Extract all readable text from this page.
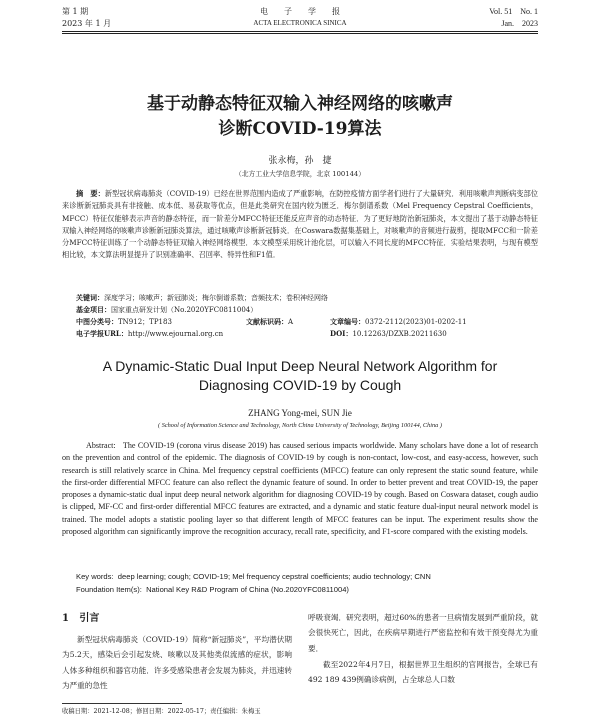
第 1 期
2023 年 1 月
电　　子　　学　　报
ACTA ELECTRONICA SINICA
Vol. 51　No. 1
Jan.　2023
基于动静态特征双输入神经网络的咳嗽声
诊断COVID-19算法
张永梅，孙　捷
（北方工业大学信息学院，北京 100144）
摘　要：新型冠状病毒肺炎（COVID-19）已经在世界范围内造成了严重影响，在防控疫情方面学者们进行了大量研究．利用咳嗽声判断病变部位来诊断新冠肺炎具有非接触、成本低、易获取等优点，但是此类研究在国内较为匮乏．梅尔倒谱系数（Mel Frequency Cepstral Coefficients，MFCC）特征仅能够表示声音的静态特征，而一阶差分MFCC特征还能反应声音的动态特征．为了更好地防治新冠肺炎，本文提出了基于动静态特征双输入神经网络的咳嗽声诊断新冠肺炎算法，通过咳嗽声诊断新冠肺炎．在Coswara数据集基础上，对咳嗽声的音频进行裁剪，提取MFCC和一阶差分MFCC特征训练了一个动静态特征双输入神经网络模型．本文模型采用统计池化层，可以输入不同长度的MFCC特征．实验结果表明，与现有模型相比较，本文算法明显提升了识别准确率、召回率、特异性和F1值．
关键词：深度学习；咳嗽声；新冠肺炎；梅尔倒谱系数；音频技术；卷积神经网络
基金项目：国家重点研发计划（No.2020YFC0811004）
中图分类号：TN912；TP183	文献标识码：A	文章编号：0372-2112(2023)01-0202-11
电子学报URL：http://www.ejournal.org.cn	DOI：10.12263/DZXB.20211630
A Dynamic-Static Dual Input Deep Neural Network Algorithm for
Diagnosing COVID-19 by Cough
ZHANG Yong-mei, SUN Jie
( School of Information Science and Technology, North China University of Technology, Beijing 100144, China )
Abstract: The COVID-19 (corona virus disease 2019) has caused serious impacts worldwide. Many scholars have done a lot of research on the prevention and control of the epidemic. The diagnosis of COVID-19 by cough is non-contact, low-cost, and easy-access, however, such research is still relatively scarce in China. Mel frequency cepstral coefficients (MFCC) feature can only represent the static sound feature, while the first-order differential MFCC feature can also reflect the dynamic feature of sound. In order to better prevent and treat COVID-19, the paper proposes a dynamic-static dual input deep neural network algorithm for diagnosing COVID-19 by cough. Based on Coswara dataset, cough audio is clipped, MF-CC and first-order differential MFCC features are extracted, and a dynamic and static feature dual-input neural network model is trained. The model adopts a statistic pooling layer so that different length of MFCC features can be input. The experiment results show the proposed algorithm can significantly improve the recognition accuracy, recall rate, specificity, and F1-score compared with the existing models.
Key words: deep learning; cough; COVID-19; Mel frequency cepstral coefficients; audio technology; CNN
Foundation Item(s): National Key R&D Program of China (No.2020YFC0811004)
1 引言
新型冠状病毒肺炎（COVID-19）简称“新冠肺炎”，平均潜伏期为5.2天，感染后会引起发烧、咳嗽以及其他类似流感的症状，影响人体多种组织和器官功能．许多受感染患者会发展为肺炎，并迅速转为严重的急性
呼吸衰竭．研究表明，超过60%的患者一旦病情发展到严重阶段，就会很快死亡，因此，在疾病早期进行严密监控和有效干预变得尤为重要．
截至2022年4月7日，根据世界卫生组织的官网报告，全球已有492 189 439例确诊病例，占全球总人口数
收稿日期：2021-12-08；修回日期：2022-05-17；责任编辑：朱梅玉
